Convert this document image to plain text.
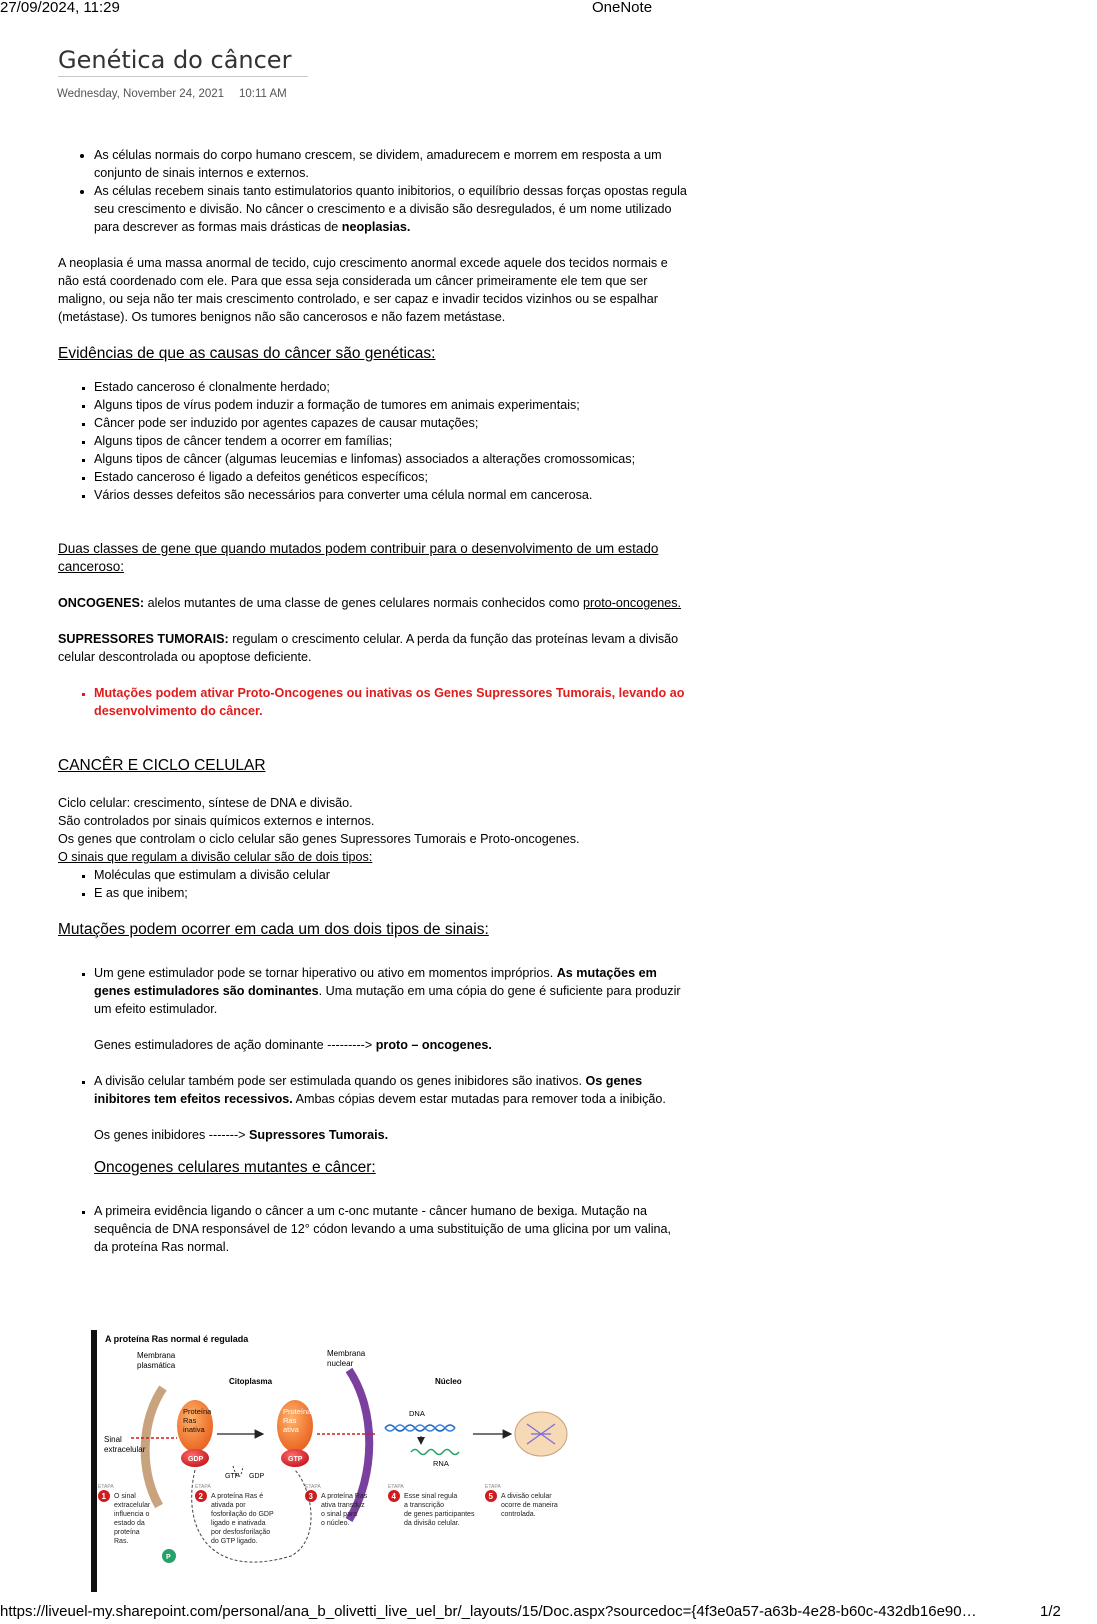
27/09/2024, 11:29	OneNote
Genética do câncer
Wednesday, November 24, 2021 10:11 AM
• As células normais do corpo humano crescem, se dividem, amadurecem e morrem em resposta a um conjunto de sinais internos e externos.
• As células recebem sinais tanto estimulatorios quanto inibitorios, o equilíbrio dessas forças opostas regula seu crescimento e divisão. No câncer o crescimento e a divisão são desregulados, é um nome utilizado para descrever as formas mais drásticas de neoplasias.

A neoplasia é uma massa anormal de tecido, cujo crescimento anormal excede aquele dos tecidos normais e não está coordenado com ele. Para que essa seja considerada um câncer primeiramente ele tem que ser maligno, ou seja não ter mais crescimento controlado, e ser capaz e invadir tecidos vizinhos ou se espalhar (metástase). Os tumores benignos não são cancerosos e não fazem metástase.

Evidências de que as causas do câncer são genéticas:

▪ Estado canceroso é clonalmente herdado;
▪ Alguns tipos de vírus podem induzir a formação de tumores em animais experimentais;
▪ Câncer pode ser induzido por agentes capazes de causar mutações;
▪ Alguns tipos de câncer tendem a ocorrer em famílias;
▪ Alguns tipos de câncer (algumas leucemias e linfomas) associados a alterações cromossomicas;
▪ Estado canceroso é ligado a defeitos genéticos específicos;
▪ Vários desses defeitos são necessários para converter uma célula normal em cancerosa.

Duas classes de gene que quando mutados podem contribuir para o desenvolvimento de um estado canceroso:

ONCOGENES: alelos mutantes de uma classe de genes celulares normais conhecidos como proto-oncogenes.

SUPRESSORES TUMORAIS: regulam o crescimento celular. A perda da função das proteínas levam a divisão celular descontrolada ou apoptose deficiente.

▪ Mutações podem ativar Proto-Oncogenes ou inativas os Genes Supressores Tumorais, levando ao desenvolvimento do câncer.

CANCÊR E CICLO CELULAR

Ciclo celular: crescimento, síntese de DNA e divisão.

São controlados por sinais químicos externos e internos.

Os genes que controlam o ciclo celular são genes Supressores Tumorais e Proto-oncogenes.

O sinais que regulam a divisão celular são de dois tipos:

▪ Moléculas que estimulam a divisão celular
▪ E as que inibem;

Mutações podem ocorrer em cada um dos dois tipos de sinais:

▪ Um gene estimulador pode se tornar hiperativo ou ativo em momentos impróprios. As mutações em genes estimuladores são dominantes. Uma mutação em uma cópia do gene é suficiente para produzir um efeito estimulador.
Genes estimuladores de ação dominante ---------> proto – oncogenes.
▪ A divisão celular também pode ser estimulada quando os genes inibidores são inativos. Os genes inibitores tem efeitos recessivos. Ambas cópias devem estar mutadas para remover toda a inibição.
Os genes inibidores -------> Supressores Tumorais.

Oncogenes celulares mutantes e câncer:

▪ A primeira evidência ligando o câncer a um c-onc mutante - câncer humano de bexiga. Mutação na sequência de DNA responsável de 12° códon levando a uma substituição de uma glicina por um valina, da proteína Ras normal.
A proteína Ras normal é regulada
Membrana plasmática
Citoplasma
Sinal extracelular
Proteína Ras inativa
GDP
GTP GDP
Proteína Ras ativa
GTP
Membrana nuclear
Núcleo
DNA
RNA
ETAPA
1 O sinal extracelular influencia o estado da proteína Ras.
ETAPA
2 A proteína Ras é ativada por fosforilação do GDP ligado e inativada por desfosforilação do GTP ligado.
ETAPA
3 A proteína Ras ativa transduz o sinal para o núcleo.
ETAPA
4 Esse sinal regula a transcrição de genes participantes da divisão celular.
ETAPA
5 A divisão celular ocorre de maneira controlada.
P
https://liveuel-my.sharepoint.com/personal/ana_b_olivetti_live_uel_br/_layouts/15/Doc.aspx?sourcedoc={4f3e0a57-a63b-4e28-b60c-432db16e90…	1/2
